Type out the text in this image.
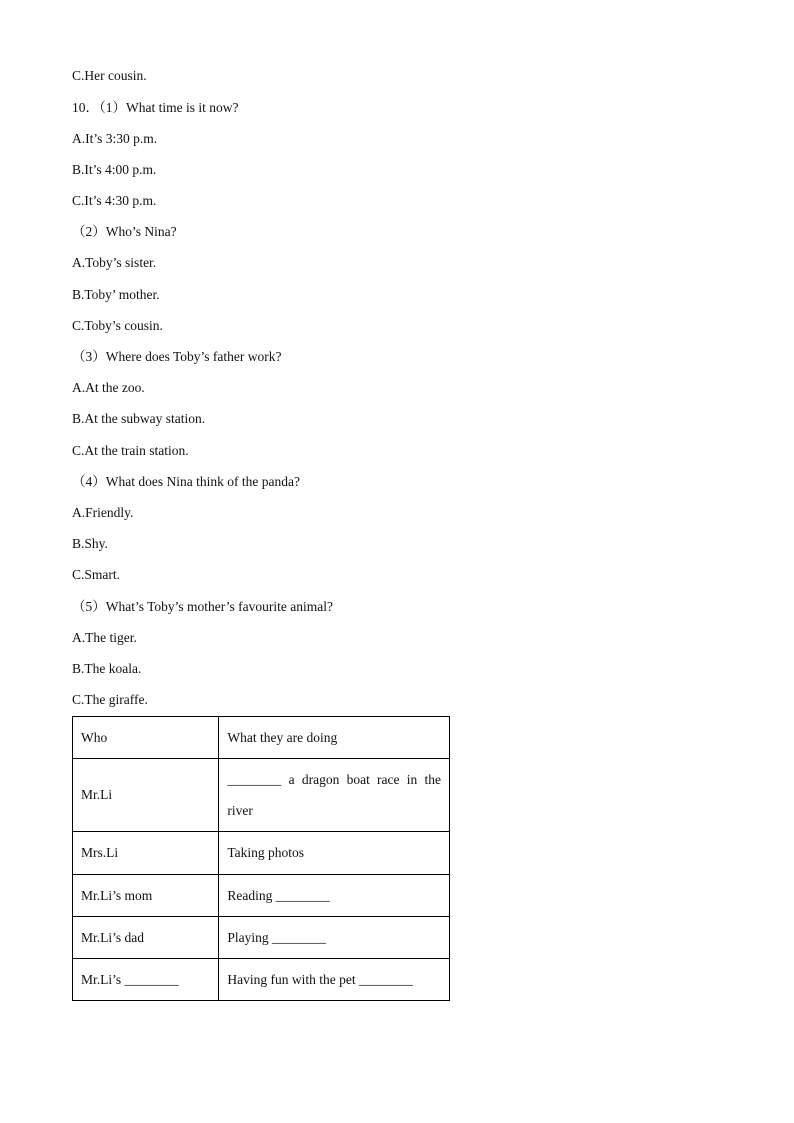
C.Her cousin.
10．（1）What time is it now?
A.It’s 3:30 p.m.
B.It’s 4:00 p.m.
C.It’s 4:30 p.m.
（2）Who’s Nina?
A.Toby’s sister.
B.Toby’ mother.
C.Toby’s cousin.
（3）Where does Toby’s father work?
A.At the zoo.
B.At the subway station.
C.At the train station.
（4）What does Nina think of the panda?
A.Friendly.
B.Shy.
C.Smart.
（5）What’s Toby’s mother’s favourite animal?
A.The tiger.
B.The koala.
C.The giraffe.
Who	What they are doing
Mr.Li	________ a dragon boat race in the river
Mrs.Li	Taking photos
Mr.Li’s mom	Reading ________
Mr.Li’s dad	Playing ________
Mr.Li’s ________	Having fun with the pet ________
